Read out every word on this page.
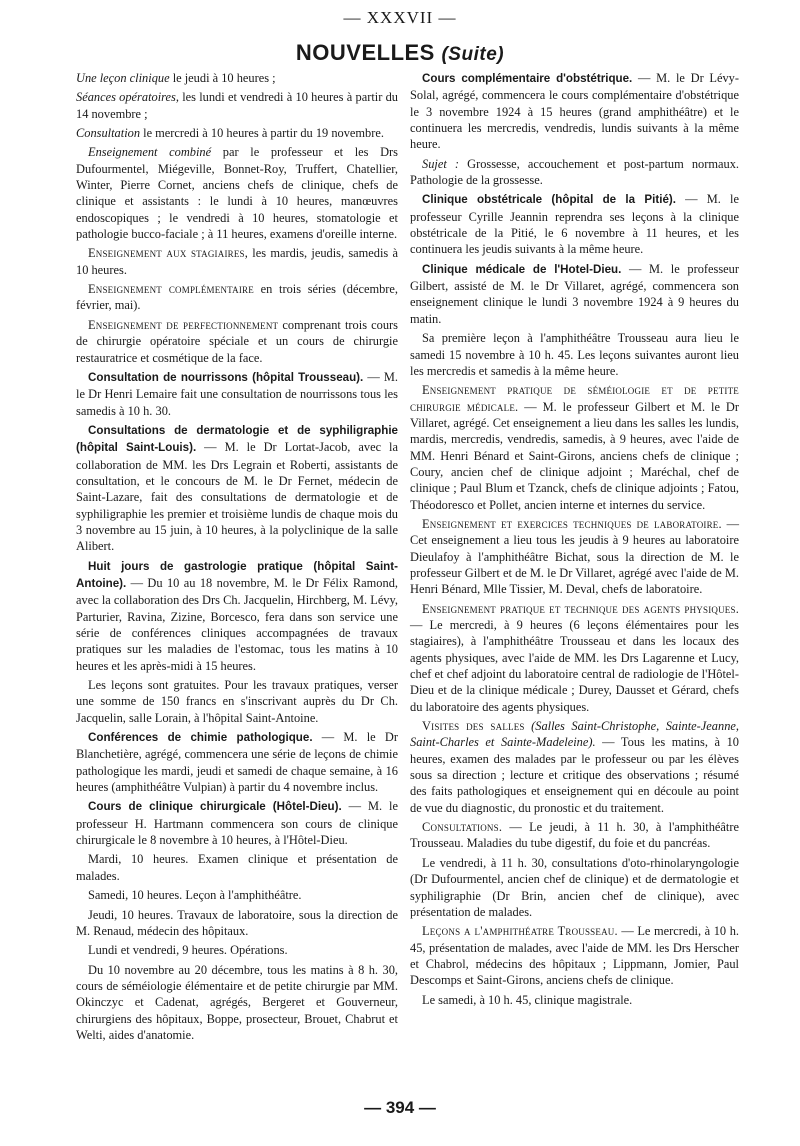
— XXXVII —
NOUVELLES (Suite)

Une leçon clinique le jeudi à 10 heures ;

Séances opératoires, les lundi et vendredi à 10 heures à partir du 14 novembre ;

Consultation le mercredi à 10 heures à partir du 19 novembre.

Enseignement combiné par le professeur et les Drs Dufourmentel, Miégeville, Bonnet-Roy, Truffert, Chatellier, Winter, Pierre Cornet, anciens chefs de clinique, chefs de clinique et assistants : le lundi à 10 heures, manœuvres endoscopiques ; le vendredi à 10 heures, stomatologie et pathologie bucco-faciale ; à 11 heures, examens d'oreille interne.

Enseignement aux stagiaires, les mardis, jeudis, samedis à 10 heures.

Enseignement complémentaire en trois séries (décembre, février, mai).

Enseignement de perfectionnement comprenant trois cours de chirurgie opératoire spéciale et un cours de chirurgie restauratrice et cosmétique de la face.

Consultation de nourrissons (hôpital Trousseau). — M. le Dr Henri Lemaire fait une consultation de nourrissons tous les samedis à 10 h. 30.

Consultations de dermatologie et de syphiligraphie (hôpital Saint-Louis). — M. le Dr Lortat-Jacob, avec la collaboration de MM. les Drs Legrain et Roberti, assistants de consultation, et le concours de M. le Dr Fernet, médecin de Saint-Lazare, fait des consultations de dermatologie et de syphiligraphie les premier et troisième lundis de chaque mois du 3 novembre au 15 juin, à 10 heures, à la polyclinique de la salle Alibert.

Huit jours de gastrologie pratique (hôpital Saint-Antoine). — Du 10 au 18 novembre, M. le Dr Félix Ramond, avec la collaboration des Drs Ch. Jacquelin, Hirchberg, M. Lévy, Parturier, Ravina, Zizine, Borcesco, fera dans son service une série de conférences cliniques accompagnées de travaux pratiques sur les maladies de l'estomac, tous les matins à 10 heures et les après-midi à 15 heures.

Les leçons sont gratuites. Pour les travaux pratiques, verser une somme de 150 francs en s'inscrivant auprès du Dr Ch. Jacquelin, salle Lorain, à l'hôpital Saint-Antoine.

Conférences de chimie pathologique. — M. le Dr Blanchetière, agrégé, commencera une série de leçons de chimie pathologique les mardi, jeudi et samedi de chaque semaine, à 16 heures (amphithéâtre Vulpian) à partir du 4 novembre inclus.

Cours de clinique chirurgicale (Hôtel-Dieu). — M. le professeur H. Hartmann commencera son cours de clinique chirurgicale le 8 novembre à 10 heures, à l'Hôtel-Dieu.

Mardi, 10 heures. Examen clinique et présentation de malades.

Samedi, 10 heures. Leçon à l'amphithéâtre.

Jeudi, 10 heures. Travaux de laboratoire, sous la direction de M. Renaud, médecin des hôpitaux.

Lundi et vendredi, 9 heures. Opérations.

Du 10 novembre au 20 décembre, tous les matins à 8 h. 30, cours de séméiologie élémentaire et de petite chirurgie par MM. Okinczyc et Cadenat, agrégés, Bergeret et Gouverneur, chirurgiens des hôpitaux, Boppe, prosecteur, Brouet, Chabrut et Welti, aides d'anatomie.

Cours complémentaire d'obstétrique. — M. le Dr Lévy-Solal, agrégé, commencera le cours complémentaire d'obstétrique le 3 novembre 1924 à 15 heures (grand amphithéâtre) et le continuera les mercredis, vendredis, lundis suivants à la même heure.

Sujet : Grossesse, accouchement et post-partum normaux. Pathologie de la grossesse.

Clinique obstétricale (hôpital de la Pitié). — M. le professeur Cyrille Jeannin reprendra ses leçons à la clinique obstétricale de la Pitié, le 6 novembre à 11 heures, et les continuera les jeudis suivants à la même heure.

Clinique médicale de l'Hotel-Dieu. — M. le professeur Gilbert, assisté de M. le Dr Villaret, agrégé, commencera son enseignement clinique le lundi 3 novembre 1924 à 9 heures du matin.

Sa première leçon à l'amphithéâtre Trousseau aura lieu le samedi 15 novembre à 10 h. 45. Les leçons suivantes auront lieu les mercredis et samedis à la même heure.

Enseignement pratique de séméiologie et de petite chirurgie médicale. — M. le professeur Gilbert et M. le Dr Villaret, agrégé. Cet enseignement a lieu dans les salles les lundis, mardis, mercredis, vendredis, samedis, à 9 heures, avec l'aide de MM. Henri Bénard et Saint-Girons, anciens chefs de clinique ; Coury, ancien chef de clinique adjoint ; Maréchal, chef de clinique ; Paul Blum et Tzanck, chefs de clinique adjoints ; Fatou, Théodoresco et Pollet, ancien interne et internes du service.

Enseignement et exercices techniques de laboratoire. — Cet enseignement a lieu tous les jeudis à 9 heures au laboratoire Dieulafoy à l'amphithéâtre Bichat, sous la direction de M. le professeur Gilbert et de M. le Dr Villaret, agrégé avec l'aide de M. Henri Bénard, Mlle Tissier, M. Deval, chefs de laboratoire.

Enseignement pratique et technique des agents physiques. — Le mercredi, à 9 heures (6 leçons élémentaires pour les stagiaires), à l'amphithéâtre Trousseau et dans les locaux des agents physiques, avec l'aide de MM. les Drs Lagarenne et Lucy, chef et chef adjoint du laboratoire central de radiologie de l'Hôtel-Dieu et de la clinique médicale ; Durey, Dausset et Gérard, chefs du laboratoire des agents physiques.

Visites des salles (Salles Saint-Christophe, Sainte-Jeanne, Saint-Charles et Sainte-Madeleine). — Tous les matins, à 10 heures, examen des malades par le professeur ou par les élèves sous sa direction ; lecture et critique des observations ; résumé des faits pathologiques et enseignement qui en découle au point de vue du diagnostic, du pronostic et du traitement.

Consultations. — Le jeudi, à 11 h. 30, à l'amphithéâtre Trousseau. Maladies du tube digestif, du foie et du pancréas.

Le vendredi, à 11 h. 30, consultations d'oto-rhinolaryngologie (Dr Dufourmentel, ancien chef de clinique) et de dermatologie et syphiligraphie (Dr Brin, ancien chef de clinique), avec présentation de malades.

Leçons a l'amphithéatre Trousseau. — Le mercredi, à 10 h. 45, présentation de malades, avec l'aide de MM. les Drs Herscher et Chabrol, médecins des hôpitaux ; Lippmann, Jomier, Paul Descomps et Saint-Girons, anciens chefs de clinique.

Le samedi, à 10 h. 45, clinique magistrale.

— 394 —
